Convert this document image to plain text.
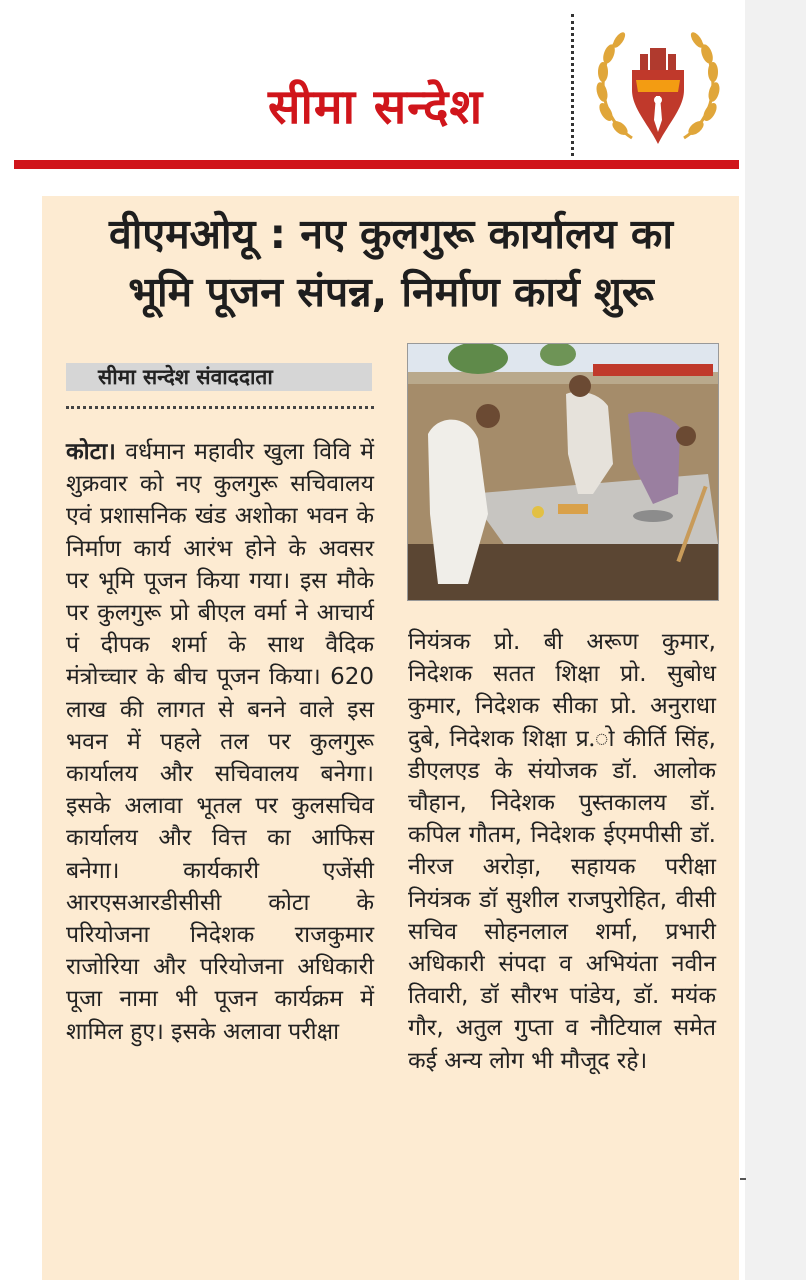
सीमा सन्देश
वीएमओयू : नए कुलगुरू कार्यालय का
भूमि पूजन संपन्न, निर्माण कार्य शुरू
सीमा सन्देश संवाददाता
कोटा। वर्धमान महावीर खुला विवि में शुक्रवार को नए कुलगुरू सचिवालय एवं प्रशासनिक खंड अशोका भवन के निर्माण कार्य आरंभ होने के अवसर पर भूमि पूजन किया गया। इस मौके पर कुलगुरू प्रो बीएल वर्मा ने आचार्य पं दीपक शर्मा के साथ वैदिक मंत्रोच्चार के बीच पूजन किया। 620 लाख की लागत से बनने वाले इस भवन में पहले तल पर कुलगुरू कार्यालय और सचिवालय बनेगा। इसके अलावा भूतल पर कुलसचिव कार्यालय और वित्त का आफिस बनेगा। कार्यकारी एजेंसी आरएसआरडीसीसी कोटा के परियोजना निदेशक राजकुमार राजोरिया और परियोजना अधिकारी पूजा नामा भी पूजन कार्यक्रम में शामिल हुए। इसके अलावा परीक्षा
नियंत्रक प्रो. बी अरूण कुमार, निदेशक सतत शिक्षा प्रो. सुबोध कुमार, निदेशक सीका प्रो. अनुराधा दुबे, निदेशक शिक्षा प्र.ो कीर्ति सिंह, डीएलएड के संयोजक डॉ. आलोक चौहान, निदेशक पुस्तकालय डॉ. कपिल गौतम, निदेशक ईएमपीसी डॉ. नीरज अरोड़ा, सहायक परीक्षा नियंत्रक डॉ सुशील राजपुरोहित, वीसी सचिव सोहनलाल शर्मा, प्रभारी अधिकारी संपदा व अभियंता नवीन तिवारी, डॉ सौरभ पांडेय, डॉ. मयंक गौर, अतुल गुप्ता व नौटियाल समेत कई अन्य लोग भी मौजूद रहे।
